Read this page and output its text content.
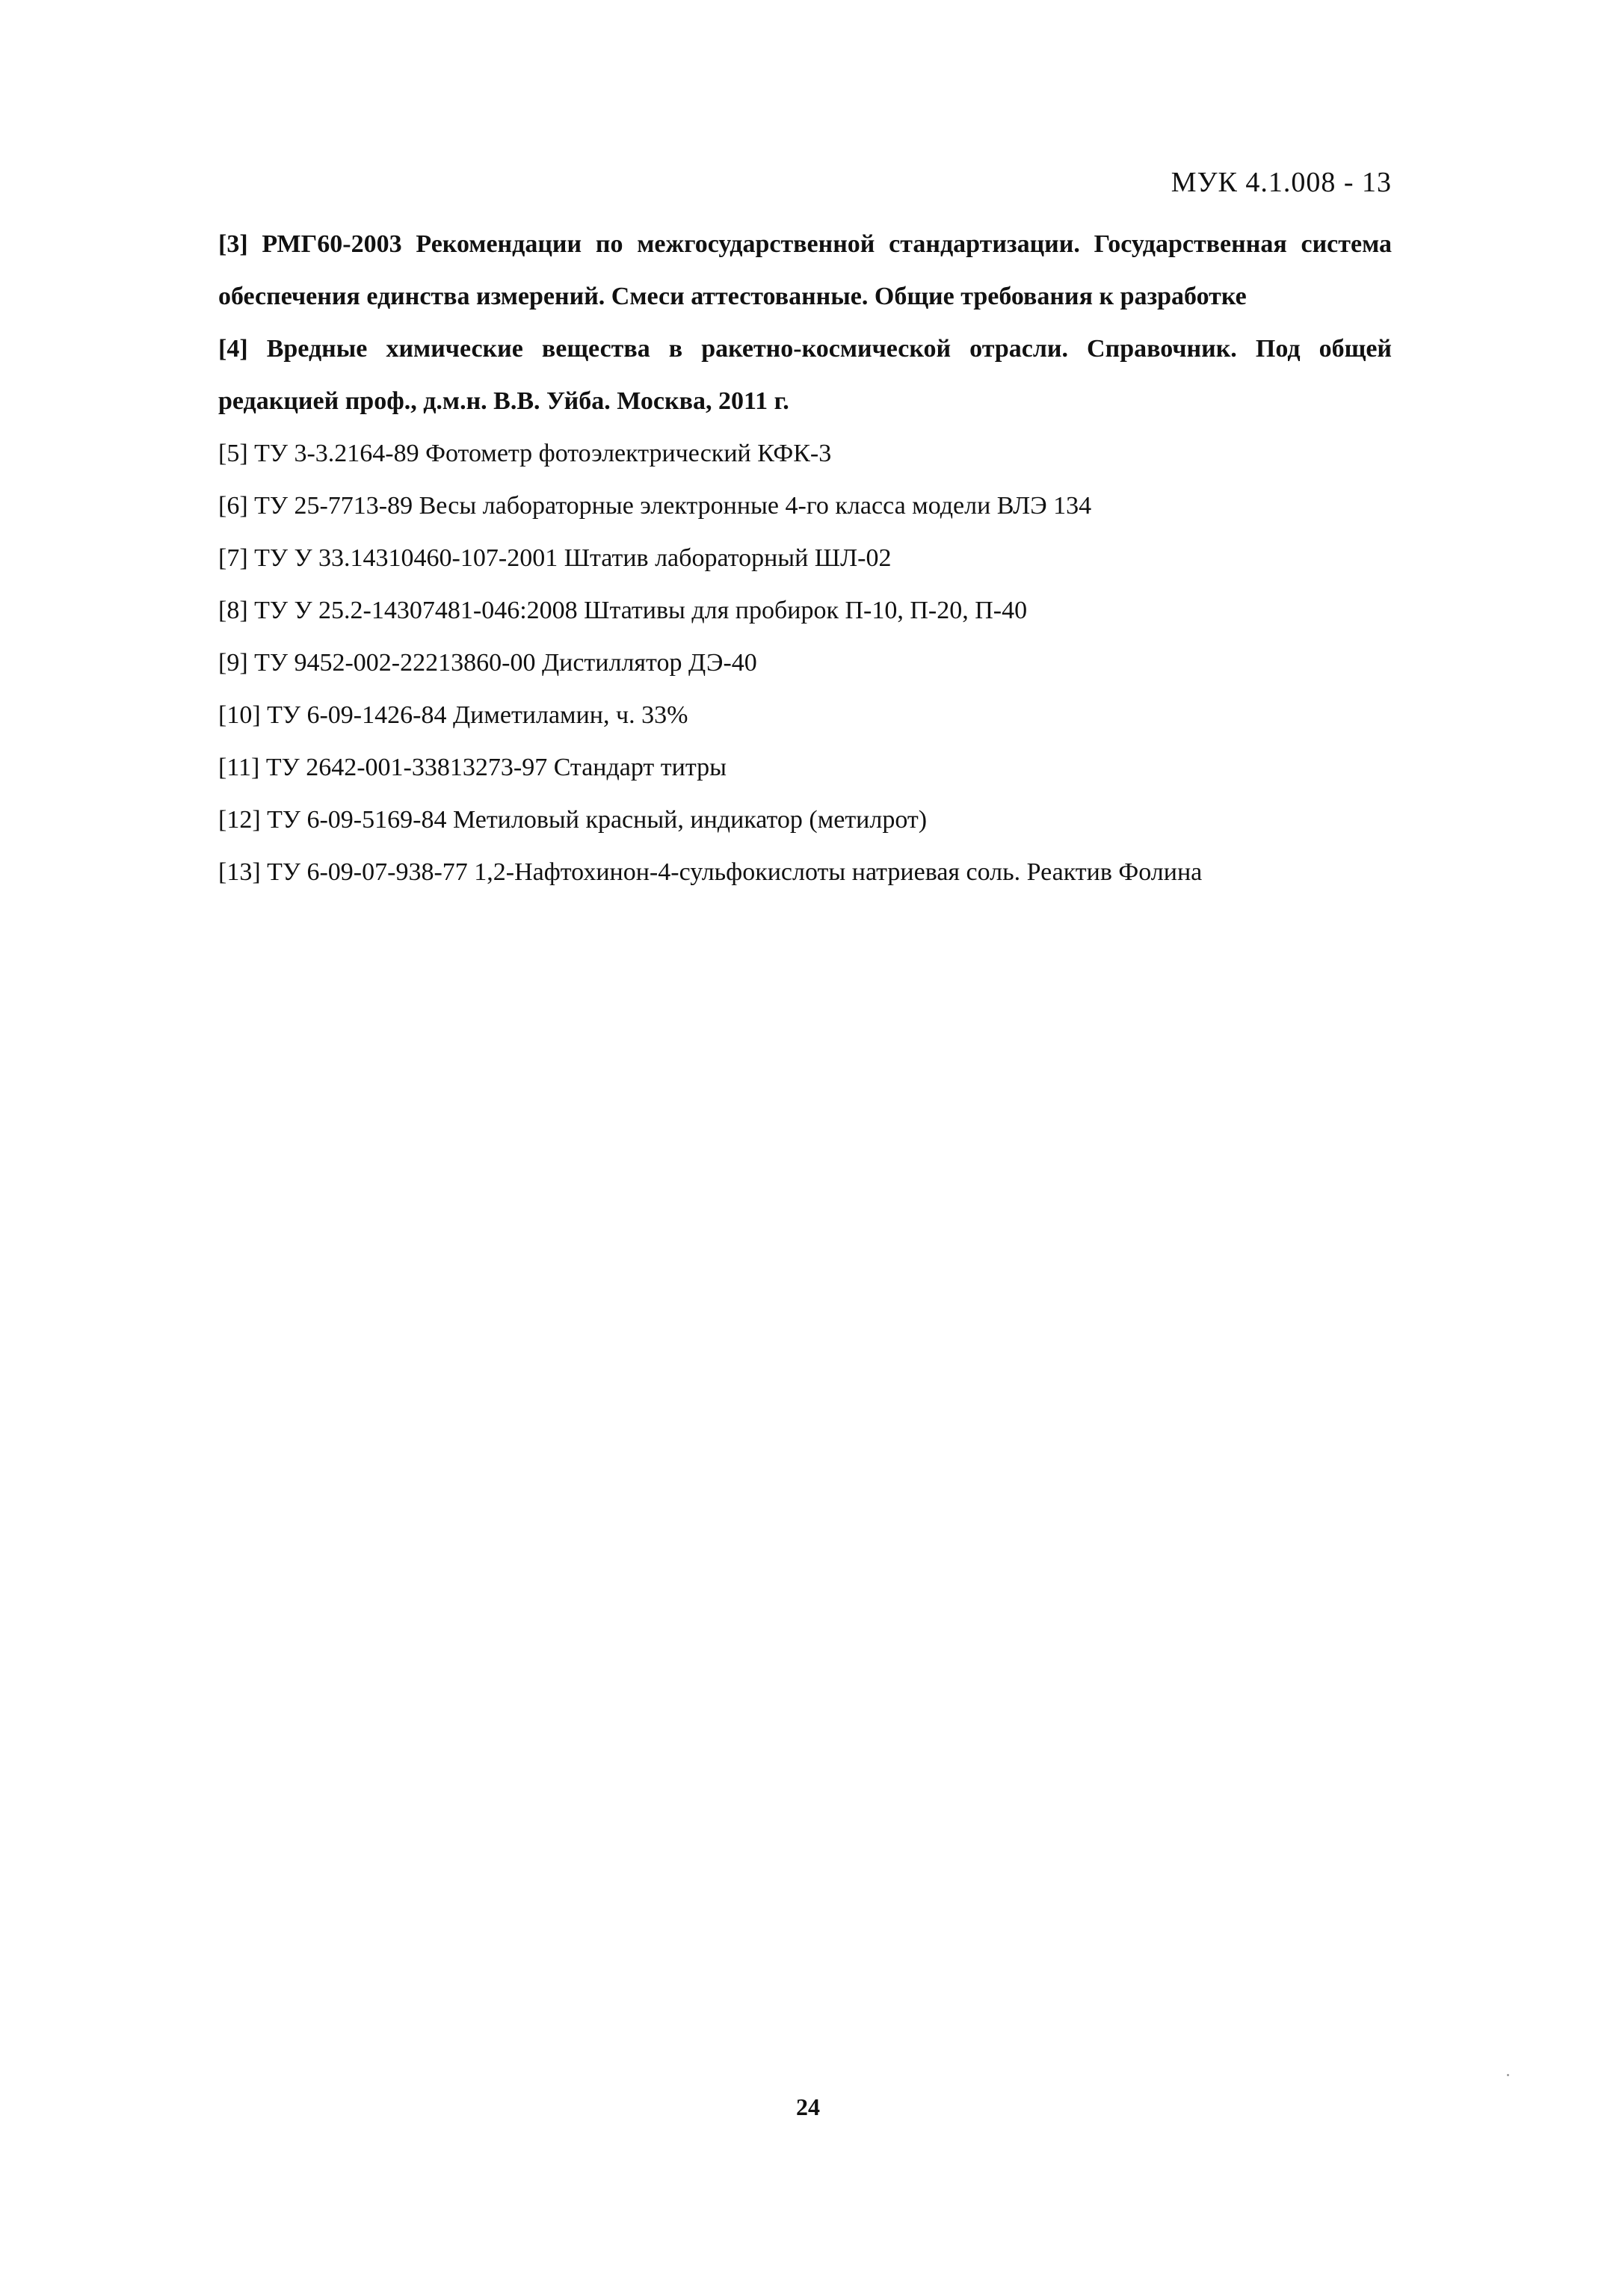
МУК 4.1.008 - 13

[3] РМГ60-2003 Рекомендации по межгосударственной стандартизации. Государственная система обеспечения единства измерений. Смеси аттестованные. Общие требования к разработке

[4] Вредные химические вещества в ракетно-космической отрасли. Справочник. Под общей редакцией проф., д.м.н. В.В. Уйба. Москва, 2011 г.

[5] ТУ 3-3.2164-89 Фотометр фотоэлектрический КФК-3

[6] ТУ 25-7713-89 Весы лабораторные электронные 4-го класса модели ВЛЭ 134

[7] ТУ У 33.14310460-107-2001 Штатив лабораторный ШЛ-02

[8] ТУ У 25.2-14307481-046:2008 Штативы для пробирок П-10, П-20, П-40

[9] ТУ 9452-002-22213860-00 Дистиллятор ДЭ-40

[10] ТУ 6-09-1426-84 Диметиламин, ч. 33%

[11] ТУ 2642-001-33813273-97 Стандарт титры

[12] ТУ 6-09-5169-84 Метиловый красный, индикатор (метилрот)

[13] ТУ 6-09-07-938-77 1,2-Нафтохинон-4-сульфокислоты натриевая соль. Реактив Фолина

24
